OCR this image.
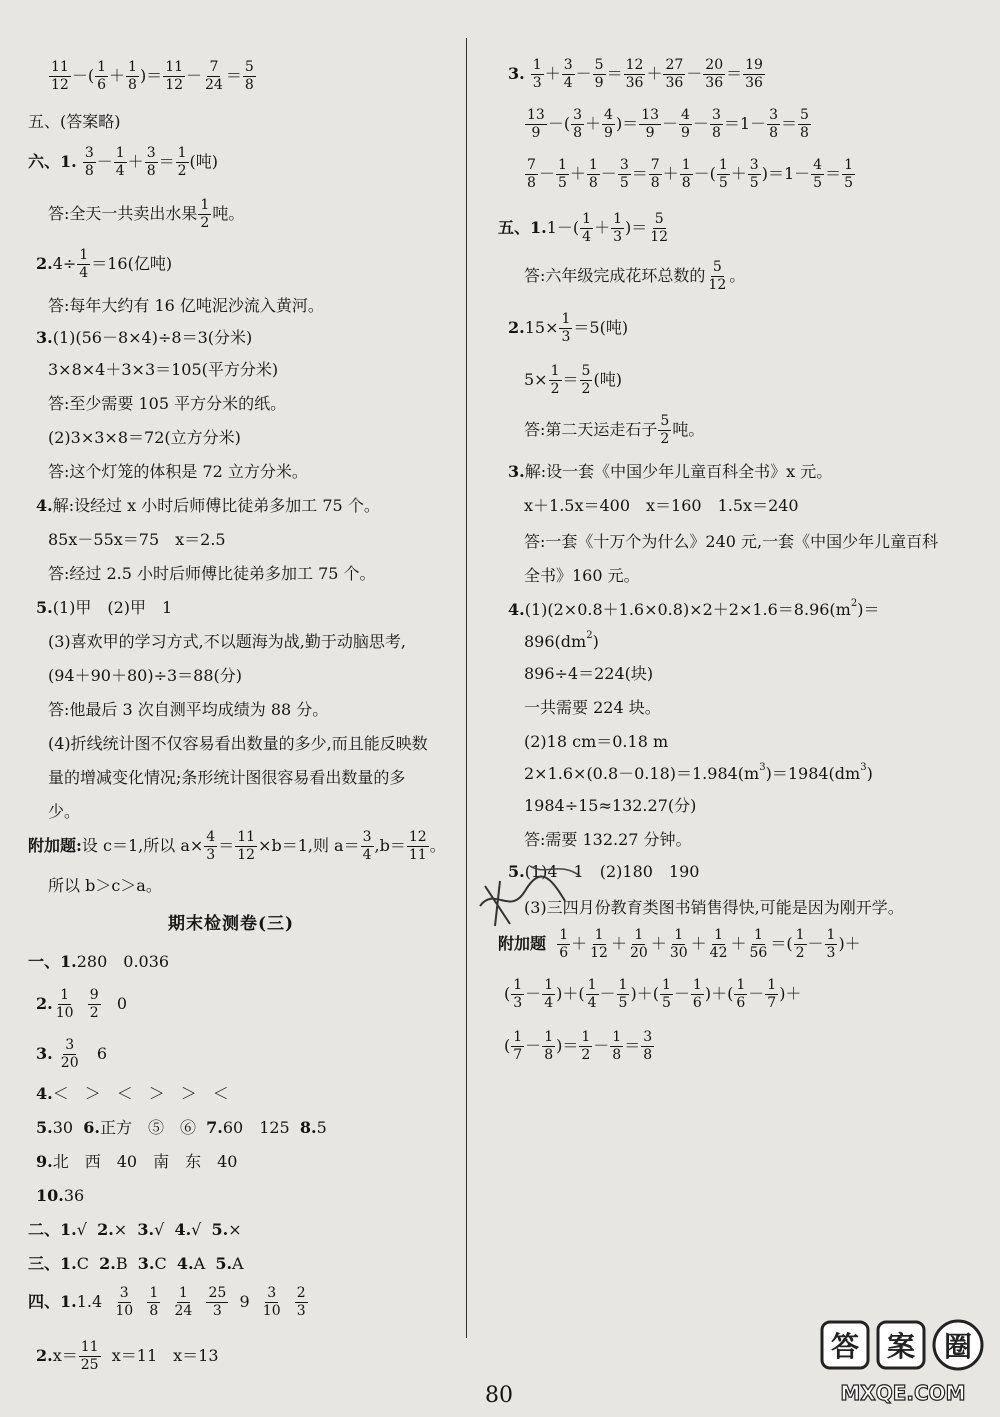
$\frac{11}{12}$ －( $\frac{1}{6} + \frac{1}{8}$ )＝ $\frac{11}{12} - \frac{7}{24} = \frac{5}{8}$
五、(答案略)
六、1.
$\frac{3}{8} - \frac{1}{4} + \frac{3}{8} = \frac{1}{2}$ (吨)
答:全天一共卖出水果 $\frac{1}{2}$ 吨。
2. $4\div \frac{1}{4} =16$(亿吨)
答:每年大约有 16 亿吨泥沙流入黄河。
3. (1)(56－8×4)÷8＝3(分米)
3×8×4＋3×3＝105(平方分米)
答:至少需要 105 平方分米的纸。
(2)3×3×8＝72(立方分米)
答:这个灯笼的体积是 72 立方分米。
4. 解:设经过 x 小时后师傅比徒弟多加工 75 个。
85x－55x＝75　x＝2.5
答:经过 2.5 小时后师傅比徒弟多加工 75 个。
5. (1)甲　(2)甲　1
(3)喜欢甲的学习方式,不以题海为战,勤于动脑思考,
(94＋90＋80)÷3＝88(分)
答:他最后 3 次自测平均成绩为 88 分。
(4)折线统计图不仅容易看出数量的多少,而且能反映数
量的增减变化情况;条形统计图很容易看出数量的多
少。
附加题: 设 c＝1,所以 $a\times \frac{4}{3} = \frac{11}{12} \times b=1$,则 $a= \frac{3}{4} ,b= \frac{12}{11}$ 。
所以 b＞c＞a。
期末检测卷(三)
一、1. 280　0.036
2. $\frac{1}{10}$
$\frac{9}{2}$
0
3.
$\frac{3}{20}$
6
4. ＜　＞　＜　＞　＞　＜
5. 30
6. 正方　⑤　⑥
7. 60　125
8. 5
9. 北　西　40　南　东　40
10. 36
二、1. √
2. ×
3. √
4. √
5. ×
三、1. C
2. B
3. C
4. A
5. A
四、1. 1.4
$\frac{3}{10}$
$\frac{1}{8}$
$\frac{1}{24}$
$\frac{25}{3}$
9
$\frac{3}{10}$
$\frac{2}{3}$
2. $x= \frac{11}{25}$
x＝11　x＝13
3.
$\frac{1}{3} + \frac{3}{4} - \frac{5}{9} = \frac{12}{36} + \frac{27}{36} - \frac{20}{36} = \frac{19}{36}$
$\frac{13}{9}$ －( $\frac{3}{8} + \frac{4}{9}$ )＝ $\frac{13}{9} - \frac{4}{9} - \frac{3}{8} =1- \frac{3}{8} = \frac{5}{8}$
$\frac{7}{8} - \frac{1}{5} + \frac{1}{8} - \frac{3}{5} = \frac{7}{8} + \frac{1}{8}$ －( $\frac{1}{5} + \frac{3}{5} )=1- \frac{4}{5} = \frac{1}{5}$
五、1. $1-( \frac{1}{4} + \frac{1}{3}$ )＝ $\frac{5}{12}$
答:六年级完成花环总数的 $\frac{5}{12}$ 。
2. $15\times \frac{1}{3} =5$(吨)
$5\times \frac{1}{2} = \frac{5}{2}$ (吨)
答:第二天运走石子 $\frac{5}{2}$ 吨。
3. 解:设一套《中国少年儿童百科全书》x 元。
x＋1.5x＝400　x＝160　1.5x＝240
答:一套《十万个为什么》240 元,一套《中国少年儿童百科
全书》160 元。
4. (1)(2×0.8＋1.6×0.8)×2＋2×1.6＝8.96(m 2 )＝
896(dm 2 )
896÷4＝224(块)
一共需要 224 块。
(2)18 cm＝0.18 m
2×1.6×(0.8－0.18)＝1.984(m 3 )＝1984(dm 3 )
1984÷15≈132.27(分)
答:需要 132.27 分钟。
5. (1)4　1　(2)180　190
(3)三四月份教育类图书销售得快,可能是因为刚开学。
附加题
$\frac{1}{6} + \frac{1}{12} + \frac{1}{20} + \frac{1}{30} + \frac{1}{42} + \frac{1}{56}$ ＝( $\frac{1}{2} - \frac{1}{3}$ )＋
( $\frac{1}{3} - \frac{1}{4}$ )＋( $\frac{1}{4} - \frac{1}{5}$ )＋( $\frac{1}{5} - \frac{1}{6}$ )＋( $\frac{1}{6} - \frac{1}{7}$ )＋
( $\frac{1}{7} - \frac{1}{8}$ )＝ $\frac{1}{2} - \frac{1}{8} = \frac{3}{8}$
80
答 案 圈
MXQE.COM
